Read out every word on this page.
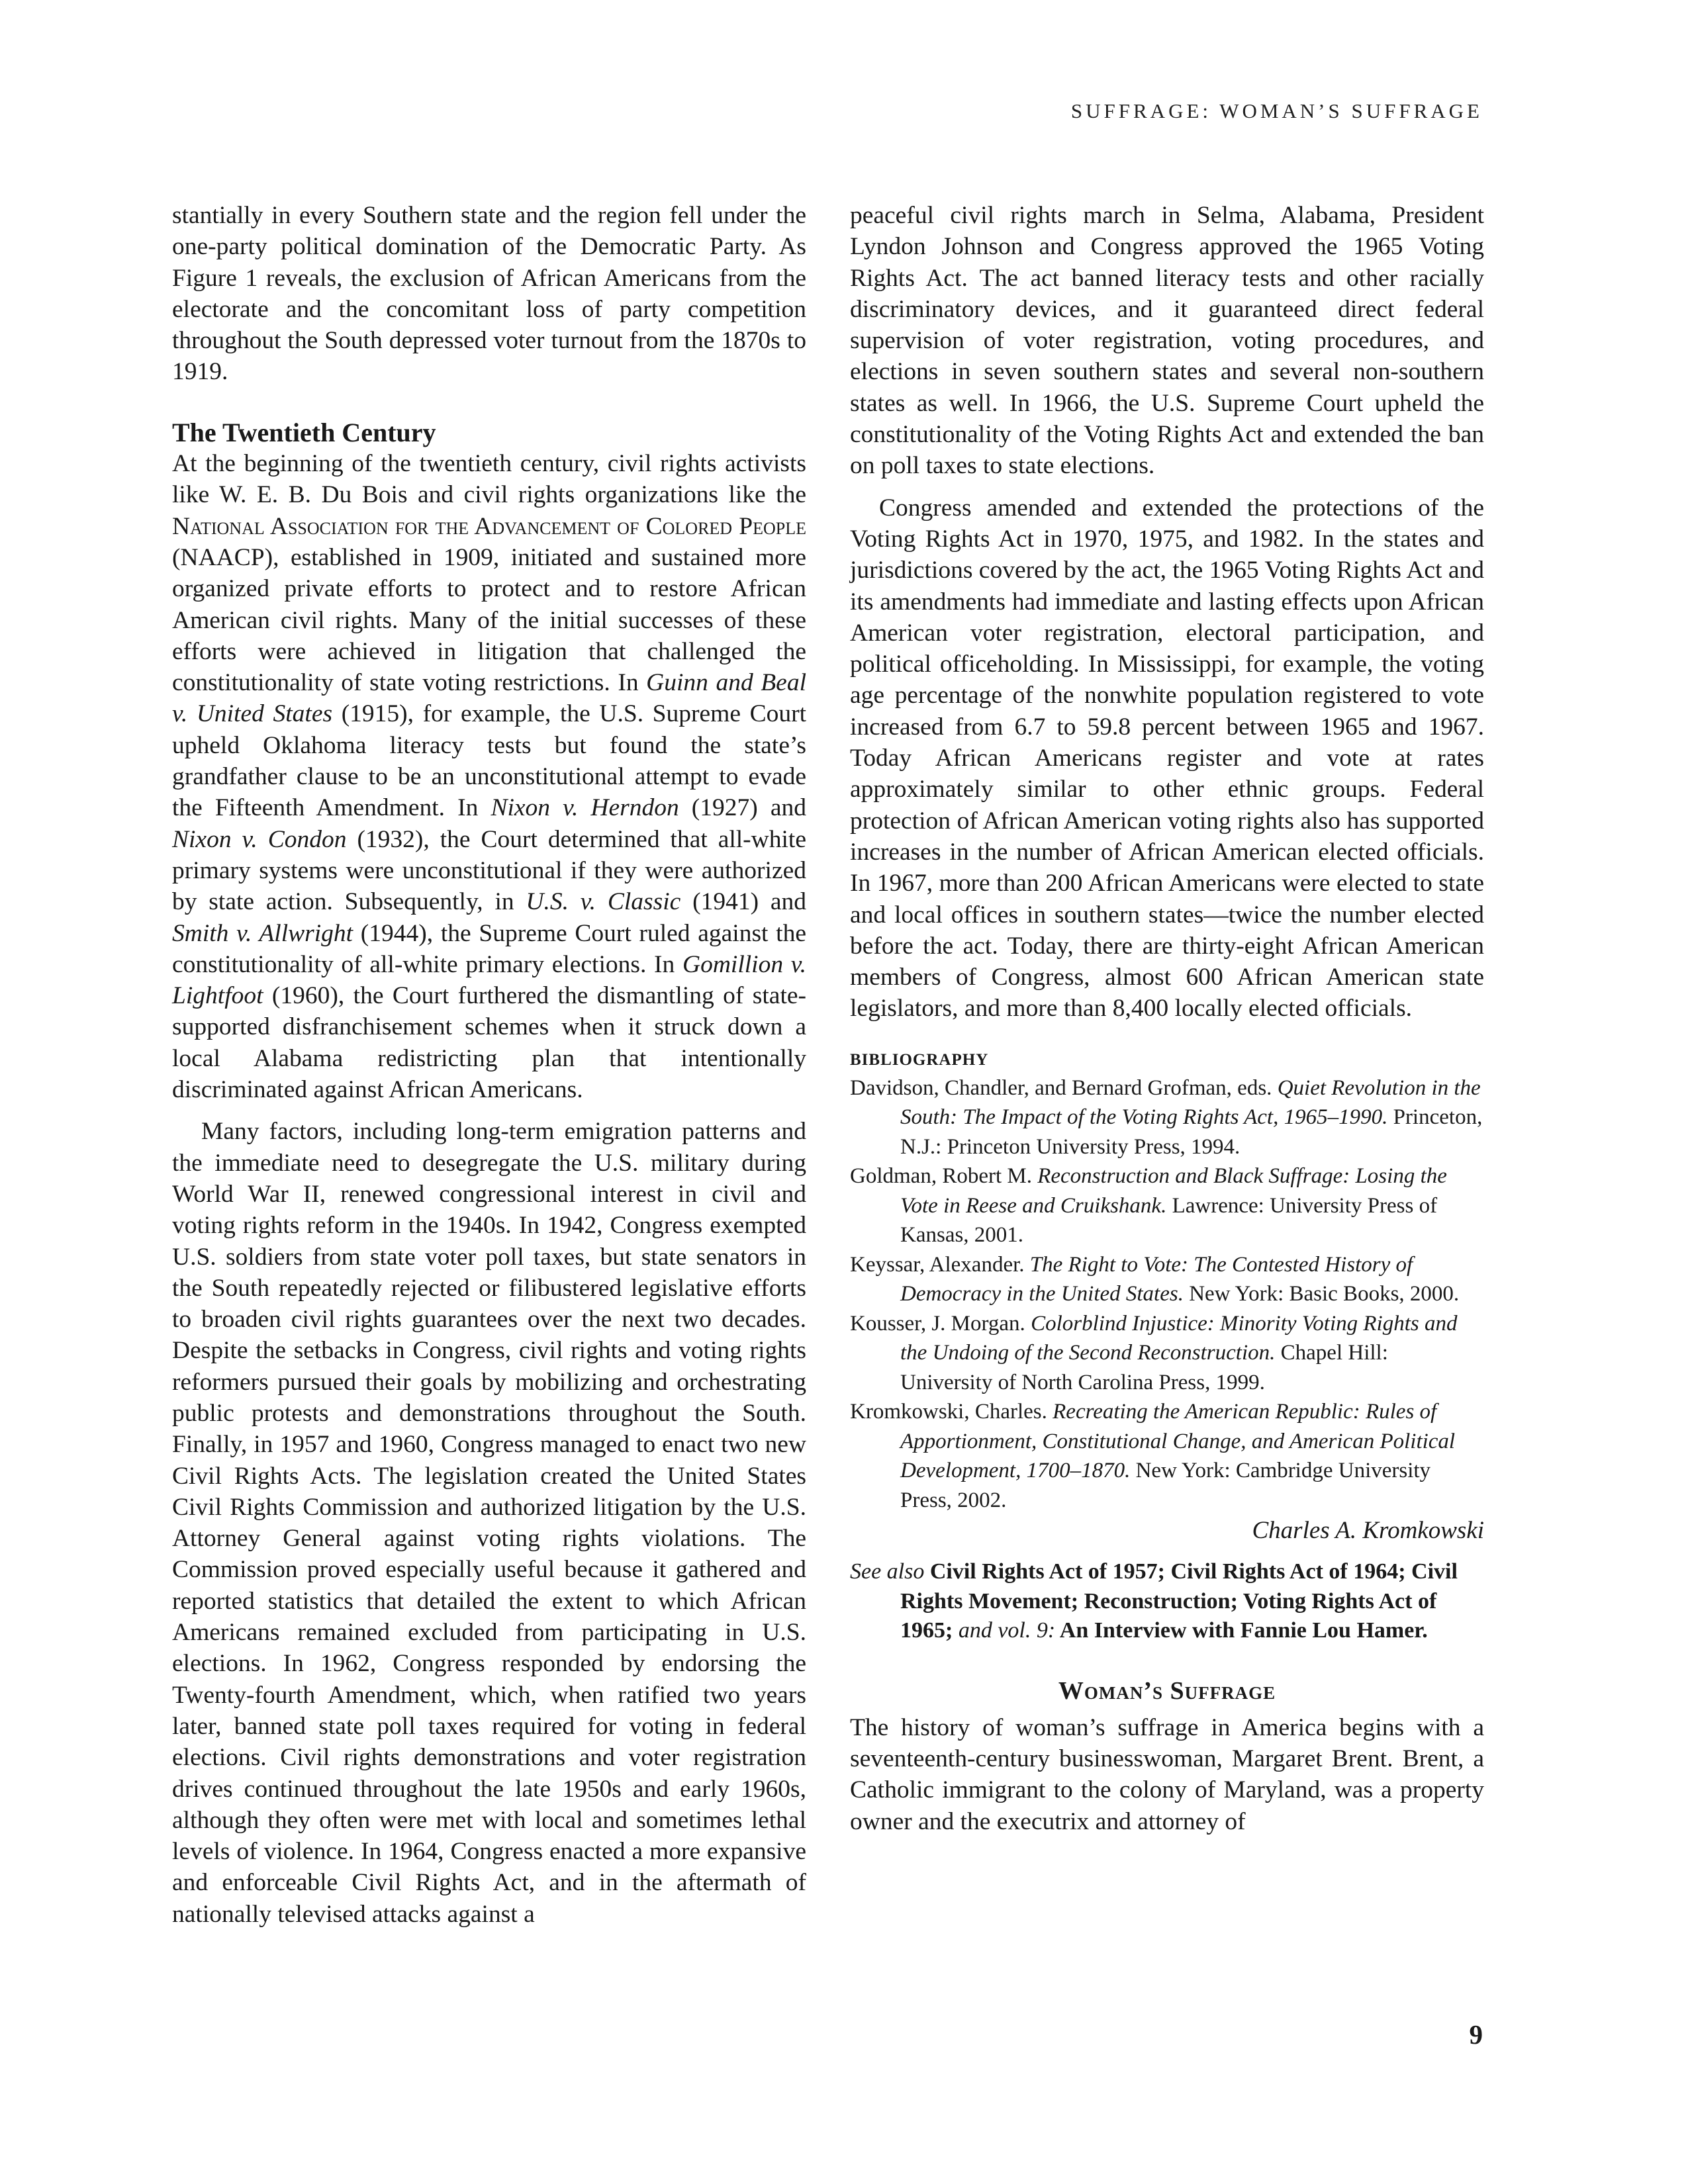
SUFFRAGE: WOMAN’S SUFFRAGE

stantially in every Southern state and the region fell under the one-party political domination of the Democratic Party. As Figure 1 reveals, the exclusion of African Americans from the electorate and the concomitant loss of party competition throughout the South depressed voter turnout from the 1870s to 1919.

The Twentieth Century

At the beginning of the twentieth century, civil rights activists like W. E. B. Du Bois and civil rights organizations like the National Association for the Advancement of Colored People (NAACP), established in 1909, initiated and sustained more organized private efforts to protect and to restore African American civil rights. Many of the initial successes of these efforts were achieved in litigation that challenged the constitutionality of state voting restrictions. In Guinn and Beal v. United States (1915), for example, the U.S. Supreme Court upheld Oklahoma literacy tests but found the state’s grandfather clause to be an unconstitutional attempt to evade the Fifteenth Amendment. In Nixon v. Herndon (1927) and Nixon v. Condon (1932), the Court determined that all-white primary systems were unconstitutional if they were authorized by state action. Subsequently, in U.S. v. Classic (1941) and Smith v. Allwright (1944), the Supreme Court ruled against the constitutionality of all-white primary elections. In Gomillion v. Lightfoot (1960), the Court furthered the dismantling of state-supported disfranchisement schemes when it struck down a local Alabama redistricting plan that intentionally discriminated against African Americans.

Many factors, including long-term emigration patterns and the immediate need to desegregate the U.S. military during World War II, renewed congressional interest in civil and voting rights reform in the 1940s. In 1942, Congress exempted U.S. soldiers from state voter poll taxes, but state senators in the South repeatedly rejected or filibustered legislative efforts to broaden civil rights guarantees over the next two decades. Despite the setbacks in Congress, civil rights and voting rights reformers pursued their goals by mobilizing and orchestrating public protests and demonstrations throughout the South. Finally, in 1957 and 1960, Congress managed to enact two new Civil Rights Acts. The legislation created the United States Civil Rights Commission and authorized litigation by the U.S. Attorney General against voting rights violations. The Commission proved especially useful because it gathered and reported statistics that detailed the extent to which African Americans remained excluded from participating in U.S. elections. In 1962, Congress responded by endorsing the Twenty-fourth Amendment, which, when ratified two years later, banned state poll taxes required for voting in federal elections. Civil rights demonstrations and voter registration drives continued throughout the late 1950s and early 1960s, although they often were met with local and sometimes lethal levels of violence. In 1964, Congress enacted a more expansive and enforceable Civil Rights Act, and in the aftermath of nationally televised attacks against a

peaceful civil rights march in Selma, Alabama, President Lyndon Johnson and Congress approved the 1965 Voting Rights Act. The act banned literacy tests and other racially discriminatory devices, and it guaranteed direct federal supervision of voter registration, voting procedures, and elections in seven southern states and several non-southern states as well. In 1966, the U.S. Supreme Court upheld the constitutionality of the Voting Rights Act and extended the ban on poll taxes to state elections.

Congress amended and extended the protections of the Voting Rights Act in 1970, 1975, and 1982. In the states and jurisdictions covered by the act, the 1965 Voting Rights Act and its amendments had immediate and lasting effects upon African American voter registration, electoral participation, and political officeholding. In Mississippi, for example, the voting age percentage of the nonwhite population registered to vote increased from 6.7 to 59.8 percent between 1965 and 1967. Today African Americans register and vote at rates approximately similar to other ethnic groups. Federal protection of African American voting rights also has supported increases in the number of African American elected officials. In 1967, more than 200 African Americans were elected to state and local offices in southern states—twice the number elected before the act. Today, there are thirty-eight African American members of Congress, almost 600 African American state legislators, and more than 8,400 locally elected officials.

BIBLIOGRAPHY

Davidson, Chandler, and Bernard Grofman, eds. Quiet Revolution in the South: The Impact of the Voting Rights Act, 1965–1990. Princeton, N.J.: Princeton University Press, 1994.

Goldman, Robert M. Reconstruction and Black Suffrage: Losing the Vote in Reese and Cruikshank. Lawrence: University Press of Kansas, 2001.

Keyssar, Alexander. The Right to Vote: The Contested History of Democracy in the United States. New York: Basic Books, 2000.

Kousser, J. Morgan. Colorblind Injustice: Minority Voting Rights and the Undoing of the Second Reconstruction. Chapel Hill: University of North Carolina Press, 1999.

Kromkowski, Charles. Recreating the American Republic: Rules of Apportionment, Constitutional Change, and American Political Development, 1700–1870. New York: Cambridge University Press, 2002.

Charles A. Kromkowski

See also Civil Rights Act of 1957; Civil Rights Act of 1964; Civil Rights Movement; Reconstruction; Voting Rights Act of 1965; and vol. 9: An Interview with Fannie Lou Hamer.

Woman’s Suffrage

The history of woman’s suffrage in America begins with a seventeenth-century businesswoman, Margaret Brent. Brent, a Catholic immigrant to the colony of Maryland, was a property owner and the executrix and attorney of

9
